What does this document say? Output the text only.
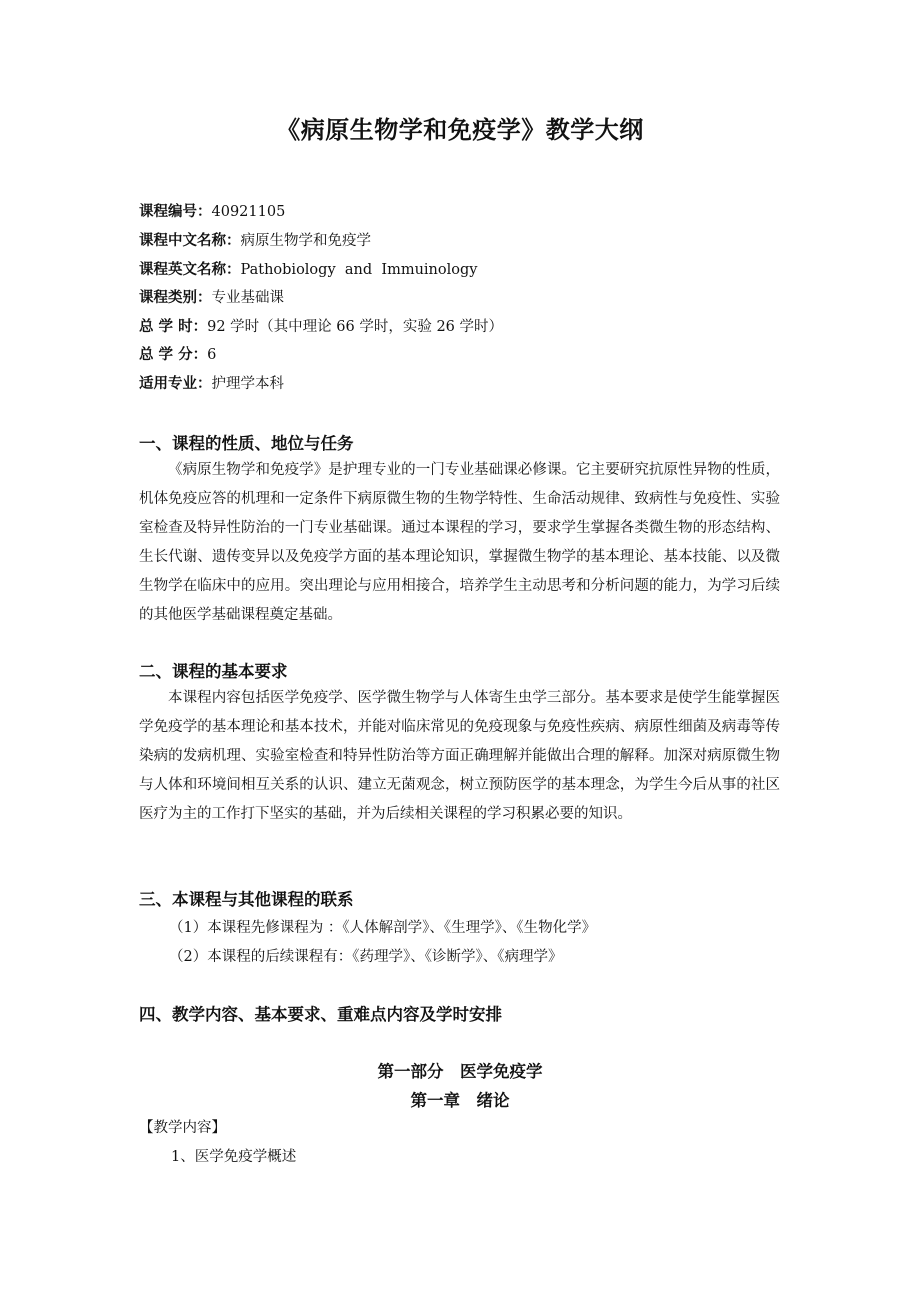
《病原生物学和免疫学》教学大纲
课程编号：40921105
课程中文名称：病原生物学和免疫学
课程英文名称：Pathobiology  and  Immuinology
课程类别：专业基础课
总 学 时：92 学时（其中理论 66 学时，实验 26 学时）
总 学 分：6
适用专业：护理学本科
一、课程的性质、地位与任务
《病原生物学和免疫学》是护理专业的一门专业基础课必修课。它主要研究抗原性异物的性质，机体免疫应答的机理和一定条件下病原微生物的生物学特性、生命活动规律、致病性与免疫性、实验室检查及特异性防治的一门专业基础课。通过本课程的学习，要求学生掌握各类微生物的形态结构、生长代谢、遗传变异以及免疫学方面的基本理论知识，掌握微生物学的基本理论、基本技能、以及微生物学在临床中的应用。突出理论与应用相接合，培养学生主动思考和分析问题的能力，为学习后续的其他医学基础课程奠定基础。
二、课程的基本要求
本课程内容包括医学免疫学、医学微生物学与人体寄生虫学三部分。基本要求是使学生能掌握医学免疫学的基本理论和基本技术，并能对临床常见的免疫现象与免疫性疾病、病原性细菌及病毒等传染病的发病机理、实验室检查和特异性防治等方面正确理解并能做出合理的解释。加深对病原微生物与人体和环境间相互关系的认识、建立无菌观念，树立预防医学的基本理念，为学生今后从事的社区医疗为主的工作打下坚实的基础，并为后续相关课程的学习积累必要的知识。
三、本课程与其他课程的联系
（1）本课程先修课程为 ：《人体解剖学》、《生理学》、《生物化学》
（2）本课程的后续课程有：《药理学》、《诊断学》、《病理学》
四、教学内容、基本要求、重难点内容及学时安排
第一部分　医学免疫学
第一章　绪论
【教学内容】
1、医学免疫学概述
